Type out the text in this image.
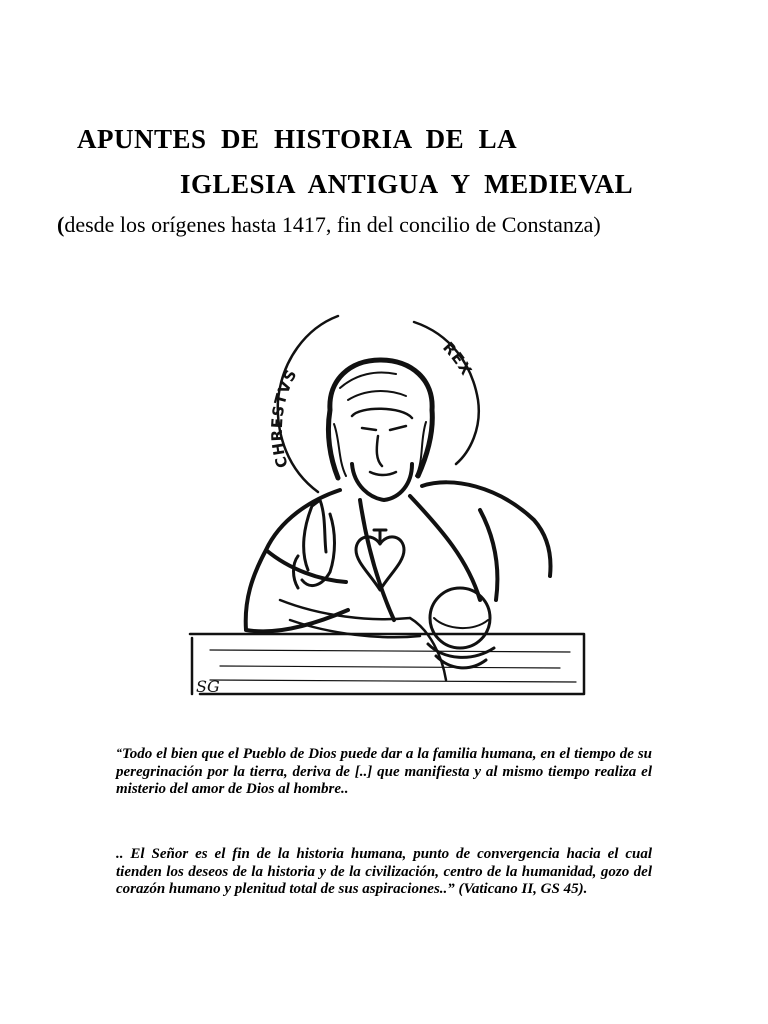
APUNTES  DE  HISTORIA  DE  LA
IGLESIA  ANTIGUA  Y  MEDIEVAL
(desde los orígenes hasta 1417, fin del concilio de Constanza)
CHRESTVS
REX
SG
“Todo el bien que el Pueblo de Dios puede dar a la familia humana, en el tiempo de su peregrinación por la tierra, deriva de [..] que manifiesta y al mismo tiempo realiza el misterio del amor de Dios al hombre..
.. El Señor es el fin de la historia humana, punto de convergencia hacia el cual tienden los deseos de la historia y de la civilización, centro de la humanidad, gozo del corazón humano y plenitud total de sus aspiraciones..” (Vaticano II, GS 45).
